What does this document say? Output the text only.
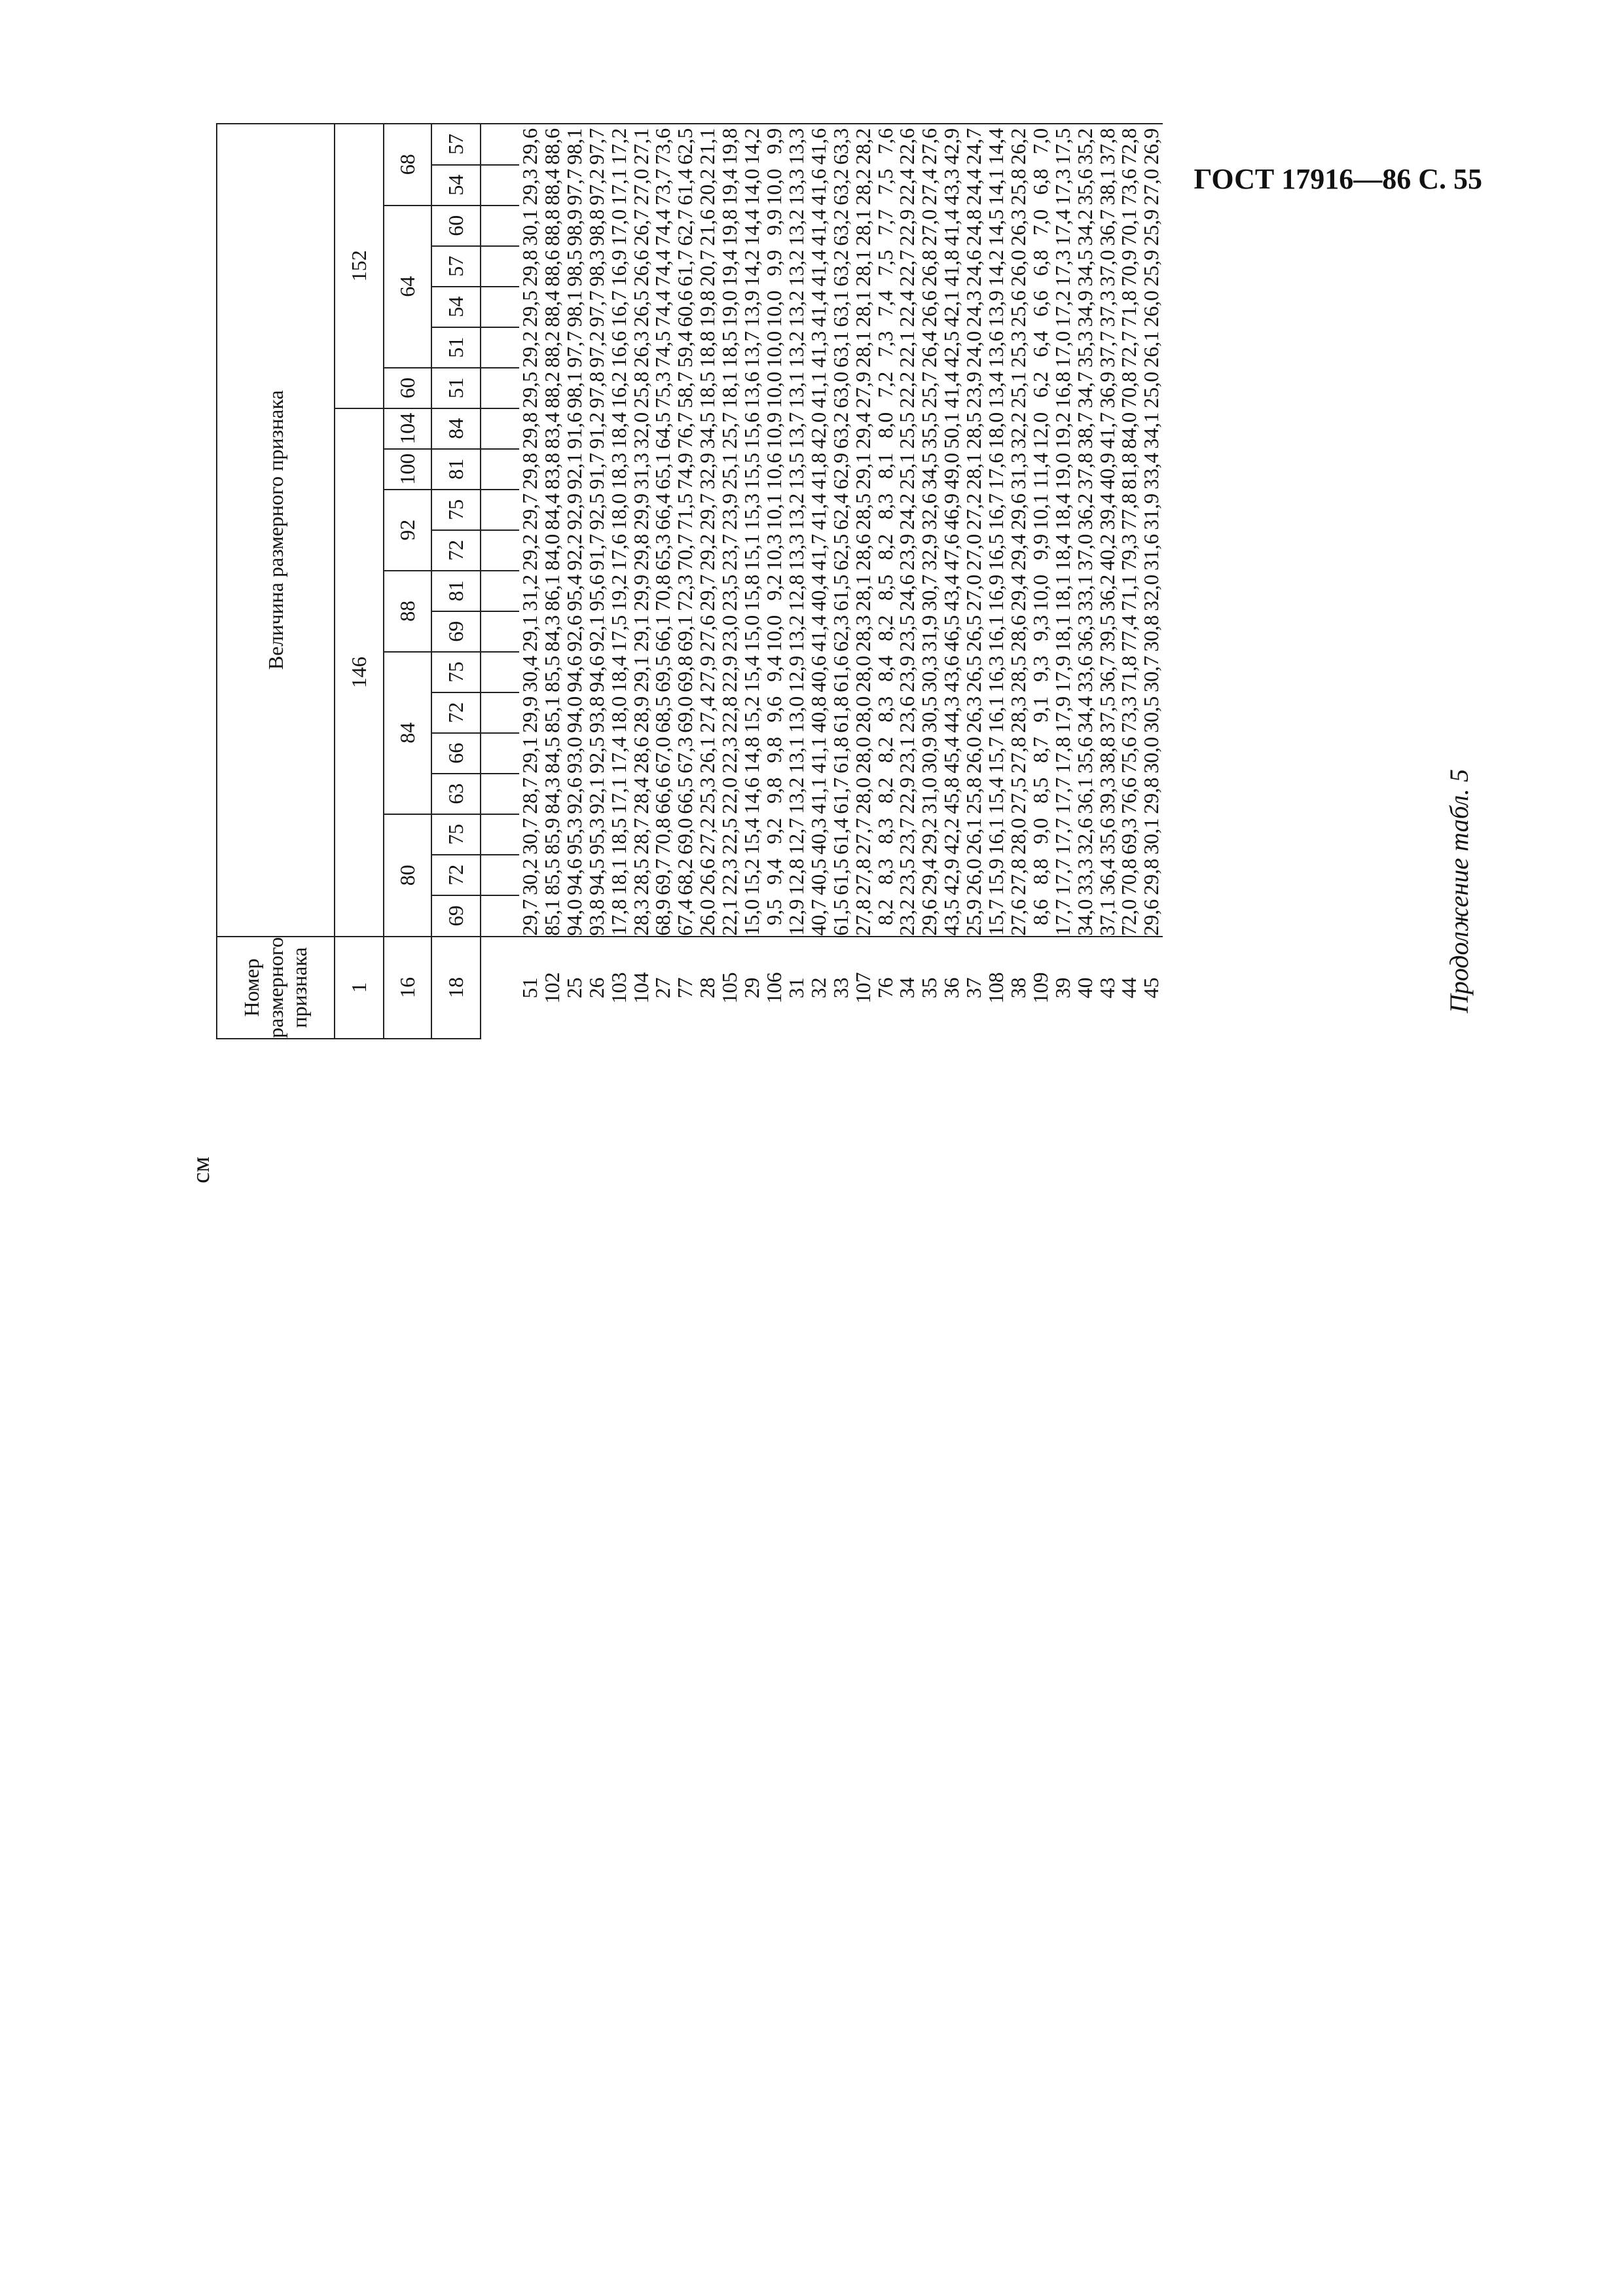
ГОСТ 17916—86 С. 55
Продолжение табл. 5
см
Номер размерного признака	Величина размерного признака																			
1	146													152						
16	80			84				88		92		100	104	60	64				68	
18	69	72	75	63	66	72	75	69	81	72	75	81	84	51	51	54	57	60	54	57

51	29,7	30,2	30,7	28,7	29,1	29,9	30,4	29,1	31,2	29,2	29,7	29,8	29,8	29,5	29,2	29,5	29,8	30,1	29,3	29,6
102	85,1	85,5	85,9	84,3	84,5	85,1	85,5	84,3	86,1	84,0	84,4	83,8	83,4	88,2	88,2	88,4	88,6	88,8	88,4	88,6
25	94,0	94,6	95,3	92,6	93,0	94,0	94,6	92,6	95,4	92,2	92,9	92,1	91,6	98,1	97,7	98,1	98,5	98,9	97,7	98,1
26	93,8	94,5	95,3	92,1	92,5	93,8	94,6	92,1	95,6	91,7	92,5	91,7	91,2	97,8	97,2	97,7	98,3	98,8	97,2	97,7
103	17,8	18,1	18,5	17,1	17,4	18,0	18,4	17,5	19,2	17,6	18,0	18,3	18,4	16,2	16,6	16,7	16,9	17,0	17,1	17,2
104	28,3	28,5	28,7	28,4	28,6	28,9	29,1	29,1	29,9	29,8	29,9	31,3	32,0	25,8	26,3	26,5	26,6	26,7	27,0	27,1
27	68,9	69,7	70,8	66,6	67,0	68,5	69,5	66,1	70,8	65,3	66,4	65,1	64,5	75,3	74,5	74,4	74,4	74,4	73,7	73,6
77	67,4	68,2	69,0	66,5	67,3	69,0	69,8	69,1	72,3	70,7	71,5	74,9	76,7	58,7	59,4	60,6	61,7	62,7	61,4	62,5
28	26,0	26,6	27,2	25,3	26,1	27,4	27,9	27,6	29,7	29,2	29,7	32,9	34,5	18,5	18,8	19,8	20,7	21,6	20,2	21,1
105	22,1	22,3	22,5	22,0	22,3	22,8	22,9	23,0	23,5	23,7	23,9	25,1	25,7	18,1	18,5	19,0	19,4	19,8	19,4	19,8
29	15,0	15,2	15,4	14,6	14,8	15,2	15,4	15,0	15,8	15,1	15,3	15,5	15,6	13,6	13,7	13,9	14,2	14,4	14,0	14,2
106	9,5	9,4	9,2	9,8	9,8	9,6	9,4	10,0	9,2	10,3	10,1	10,6	10,9	10,0	10,0	10,0	9,9	9,9	10,0	9,9
31	12,9	12,8	12,7	13,2	13,1	13,0	12,9	13,2	12,8	13,3	13,2	13,5	13,7	13,1	13,2	13,2	13,2	13,2	13,3	13,3
32	40,7	40,5	40,3	41,1	41,1	40,8	40,6	41,4	40,4	41,7	41,4	41,8	42,0	41,1	41,3	41,4	41,4	41,4	41,6	41,6
33	61,5	61,5	61,4	61,7	61,8	61,8	61,6	62,3	61,5	62,5	62,4	62,9	63,2	63,0	63,1	63,1	63,2	63,2	63,2	63,3
107	27,8	27,8	27,7	28,0	28,0	28,0	28,0	28,3	28,1	28,6	28,5	29,1	29,4	27,9	28,1	28,1	28,1	28,1	28,2	28,2
76	8,2	8,3	8,3	8,2	8,2	8,3	8,4	8,2	8,5	8,2	8,3	8,1	8,0	7,2	7,3	7,4	7,5	7,7	7,5	7,6
34	23,2	23,5	23,7	22,9	23,1	23,6	23,9	23,5	24,6	23,9	24,2	25,1	25,5	22,2	22,1	22,4	22,7	22,9	22,4	22,6
35	29,6	29,4	29,2	31,0	30,9	30,5	30,3	31,9	30,7	32,9	32,6	34,5	35,5	25,7	26,4	26,6	26,8	27,0	27,4	27,6
36	43,5	42,9	42,2	45,8	45,4	44,3	43,6	46,5	43,4	47,6	46,9	49,0	50,1	41,4	42,5	42,1	41,8	41,4	43,3	42,9
37	25,9	26,0	26,1	25,8	26,0	26,3	26,5	26,5	27,0	27,0	27,2	28,1	28,5	23,9	24,0	24,3	24,6	24,8	24,4	24,7
108	15,7	15,9	16,1	15,4	15,7	16,1	16,3	16,1	16,9	16,5	16,7	17,6	18,0	13,4	13,6	13,9	14,2	14,5	14,1	14,4
38	27,6	27,8	28,0	27,5	27,8	28,3	28,5	28,6	29,4	29,4	29,6	31,3	32,2	25,1	25,3	25,6	26,0	26,3	25,8	26,2
109	8,6	8,8	9,0	8,5	8,7	9,1	9,3	9,3	10,0	9,9	10,1	11,4	12,0	6,2	6,4	6,6	6,8	7,0	6,8	7,0
39	17,7	17,7	17,7	17,7	17,8	17,9	17,9	18,1	18,1	18,4	18,4	19,0	19,2	16,8	17,0	17,2	17,3	17,4	17,3	17,5
40	34,0	33,3	32,6	36,1	35,6	34,4	33,6	36,3	33,1	37,0	36,2	37,8	38,7	34,7	35,3	34,9	34,5	34,2	35,6	35,2
43	37,1	36,4	35,6	39,3	38,8	37,5	36,7	39,5	36,2	40,2	39,4	40,9	41,7	36,9	37,7	37,3	37,0	36,7	38,1	37,8
44	72,0	70,8	69,3	76,6	75,6	73,3	71,8	77,4	71,1	79,3	77,8	81,8	84,0	70,8	72,7	71,8	70,9	70,1	73,6	72,8
45	29,6	29,8	30,1	29,8	30,0	30,5	30,7	30,8	32,0	31,6	31,9	33,4	34,1	25,0	26,1	26,0	25,9	25,9	27,0	26,9
